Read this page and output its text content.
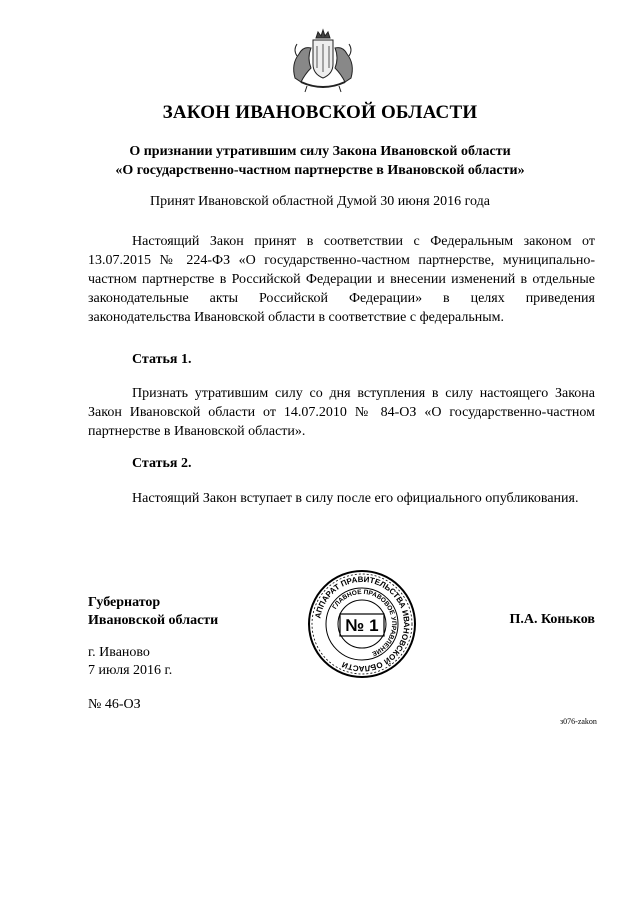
ЗАКОН ИВАНОВСКОЙ ОБЛАСТИ
О признании утратившим силу Закона Ивановской области
«О государственно-частном партнерстве в Ивановской области»
Принят Ивановской областной Думой 30 июня 2016 года
Настоящий Закон принят в соответствии с Федеральным законом от 13.07.2015 № 224-ФЗ «О государственно-частном партнерстве, муниципально-частном партнерстве в Российской Федерации и внесении изменений в отдельные законодательные акты Российской Федерации» в целях приведения законодательства Ивановской области в соответствие с федеральным.
Статья 1.
Признать утратившим силу со дня вступления в силу настоящего Закона Закон Ивановской области от 14.07.2010 № 84-ОЗ «О государственно-частном партнерстве в Ивановской области».
Статья 2.
Настоящий Закон вступает в силу после его официального опубликования.
Губернатор
Ивановской области	АППАРАТ ПРАВИТЕЛЬСТВА ИВАНОВСКОЙ ОБЛАСТИ
ГЛАВНОЕ ПРАВОВОЕ УПРАВЛЕНИЕ
№ 1	П.А. Коньков
г. Иваново
7 июля 2016 г.
№ 46-ОЗ
з076-zakon
